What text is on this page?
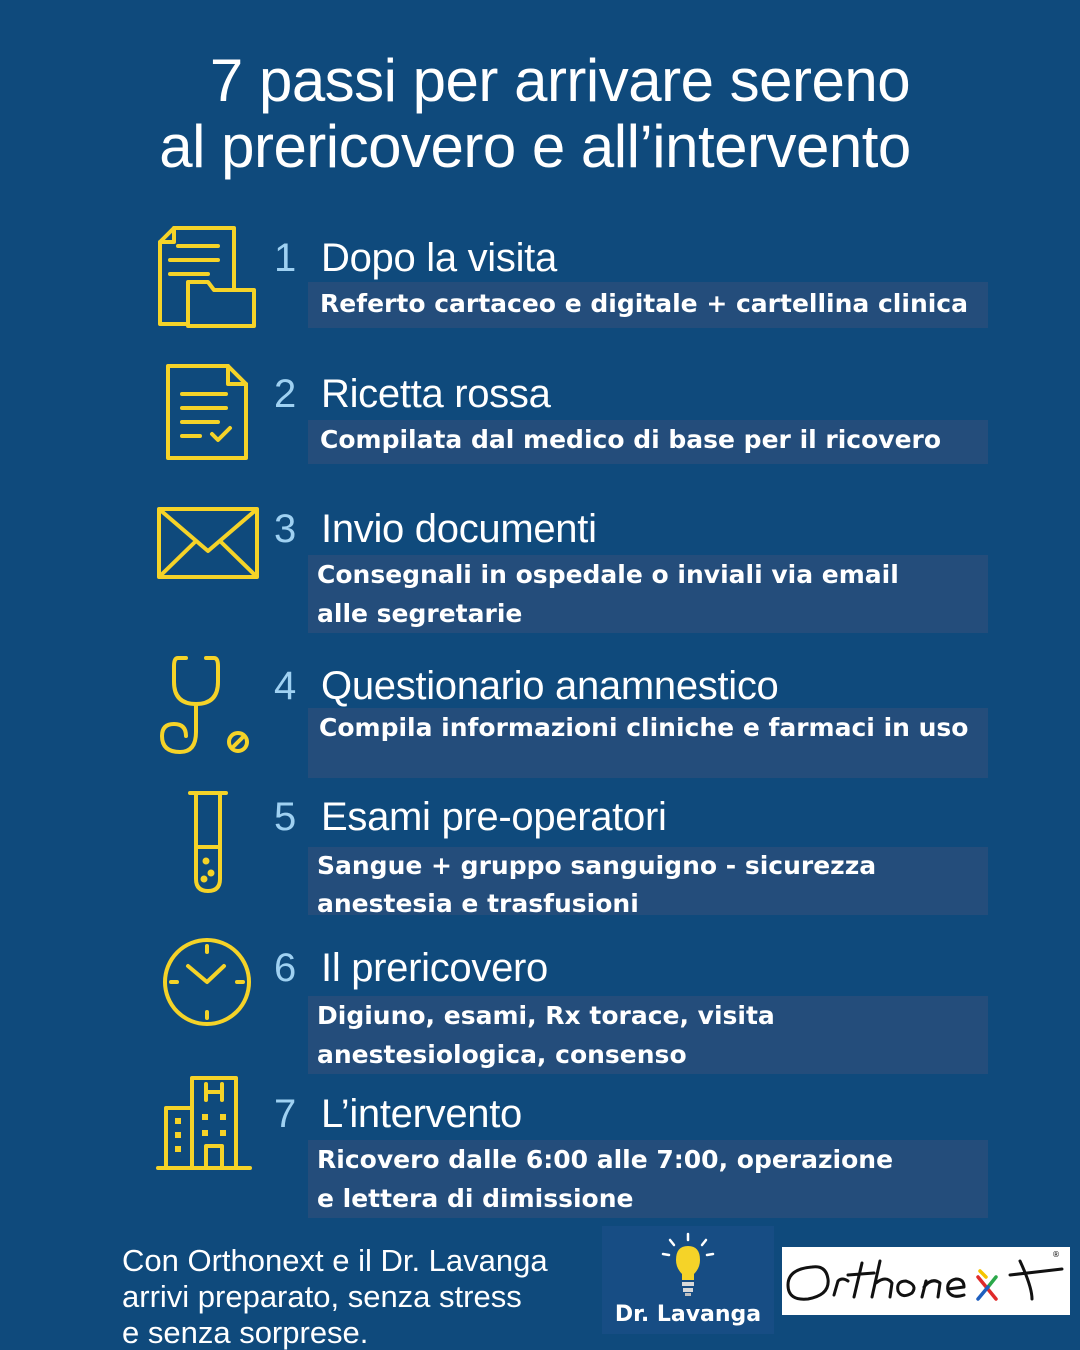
7 passi per arrivare sereno
al prericovero e all’intervento
1 Dopo la visita
Referto cartaceo e digitale + cartellina clinica
2 Ricetta rossa
Compilata dal medico di base per il ricovero
3 Invio documenti
Consegnali in ospedale o inviali via email
alle segretarie
4 Questionario anamnestico
Compila informazioni cliniche e farmaci in uso
5 Esami pre-operatori
Sangue + gruppo sanguigno - sicurezza
anestesia e trasfusioni
6 Il prericovero
Digiuno, esami, Rx torace, visita
anestesiologica, consenso
7 L’intervento
Ricovero dalle 6:00 alle 7:00, operazione
e lettera di dimissione
Con Orthonext e il Dr. Lavanga
arrivi preparato, senza stress
e senza sorprese.
Dr. Lavanga
®
